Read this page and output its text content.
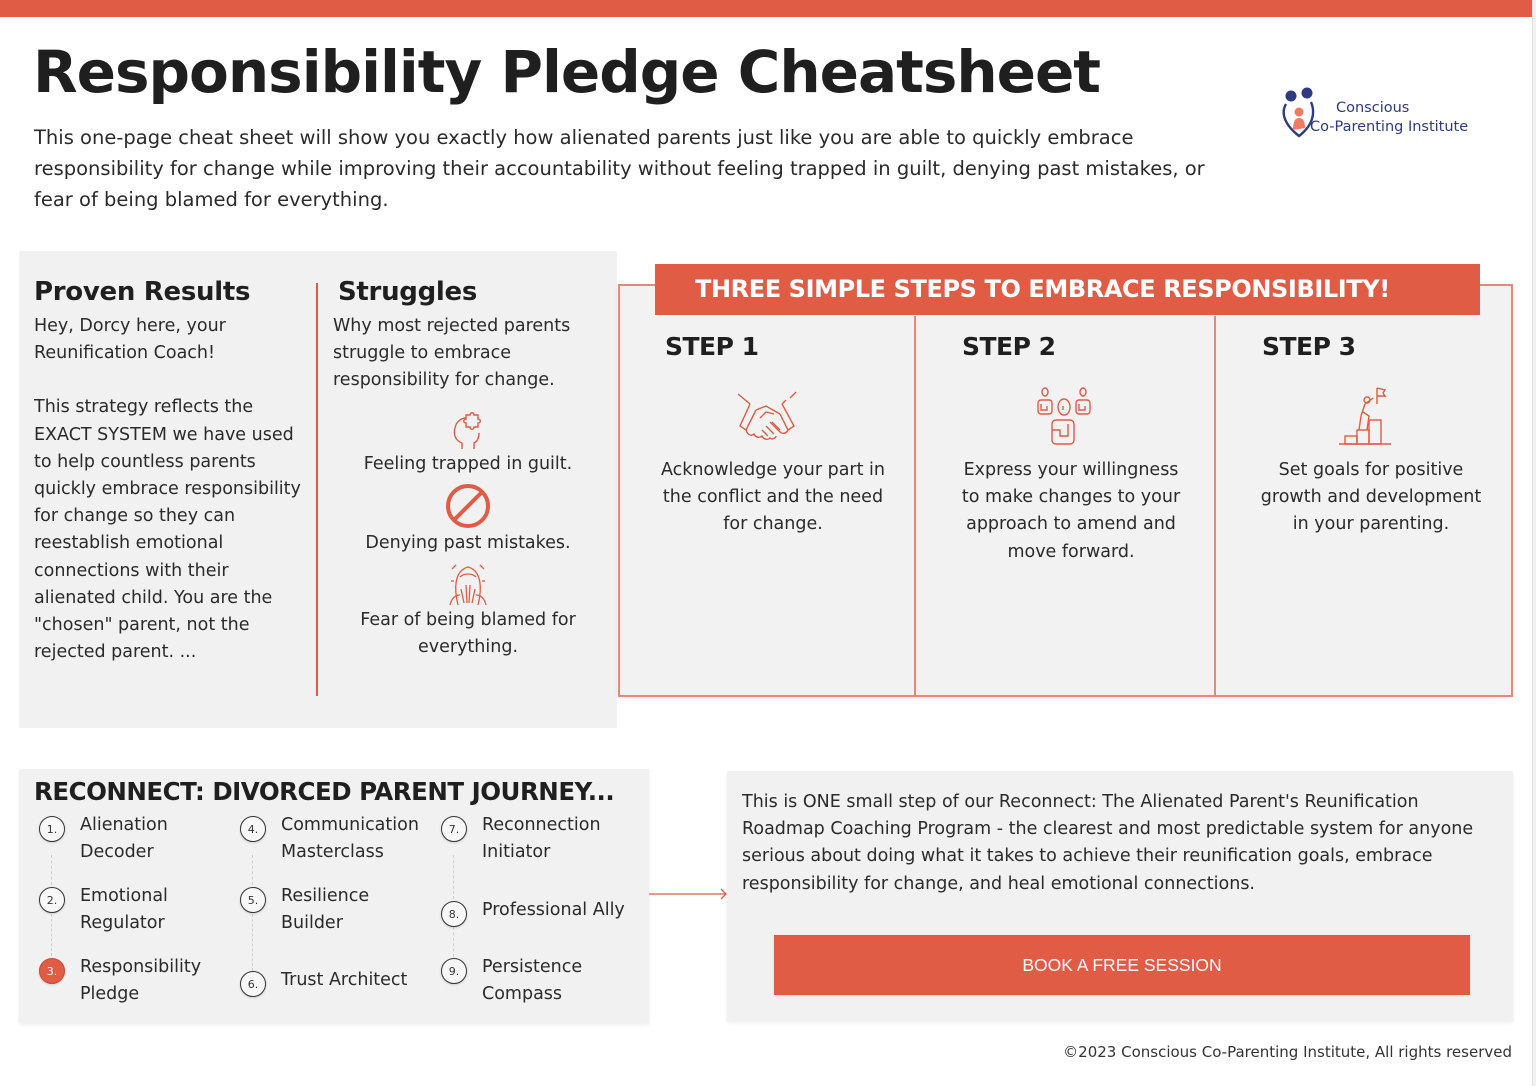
Responsibility Pledge Cheatsheet

This one-page cheat sheet will show you exactly how alienated parents just like you are able to quickly embrace responsibility for change while improving their accountability without feeling trapped in guilt, denying past mistakes, or fear of being blamed for everything.

Conscious
Co-Parenting Institute
Proven Results

Hey, Dorcy here, your Reunification Coach!

This strategy reflects the EXACT SYSTEM we have used to help countless parents quickly embrace responsibility for change so they can reestablish emotional connections with their alienated child. You are the "chosen" parent, not the rejected parent. ...

Struggles

Why most rejected parents struggle to embrace responsibility for change.

Feeling trapped in guilt.
Denying past mistakes.
Fear of being blamed for everything.
THREE SIMPLE STEPS TO EMBRACE RESPONSIBILITY!
STEP 1
Acknowledge your part in the conflict and the need for change.
STEP 2
Express your willingness to make changes to your approach to amend and move forward.
STEP 3
Set goals for positive growth and development in your parenting.
RECONNECT: DIVORCED PARENT JOURNEY...
1.	Alienation Decoder
2.	Emotional Regulator
3.	Responsibility Pledge
4.	Communication Masterclass
5.	Resilience Builder
6.	Trust Architect
7.	Reconnection Initiator
8.	Professional Ally
9.	Persistence Compass

This is ONE small step of our Reconnect: The Alienated Parent's Reunification Roadmap Coaching Program - the clearest and most predictable system for anyone serious about doing what it takes to achieve their reunification goals, embrace responsibility for change, and heal emotional connections.

BOOK A FREE SESSION
©2023 Conscious Co-Parenting Institute, All rights reserved
